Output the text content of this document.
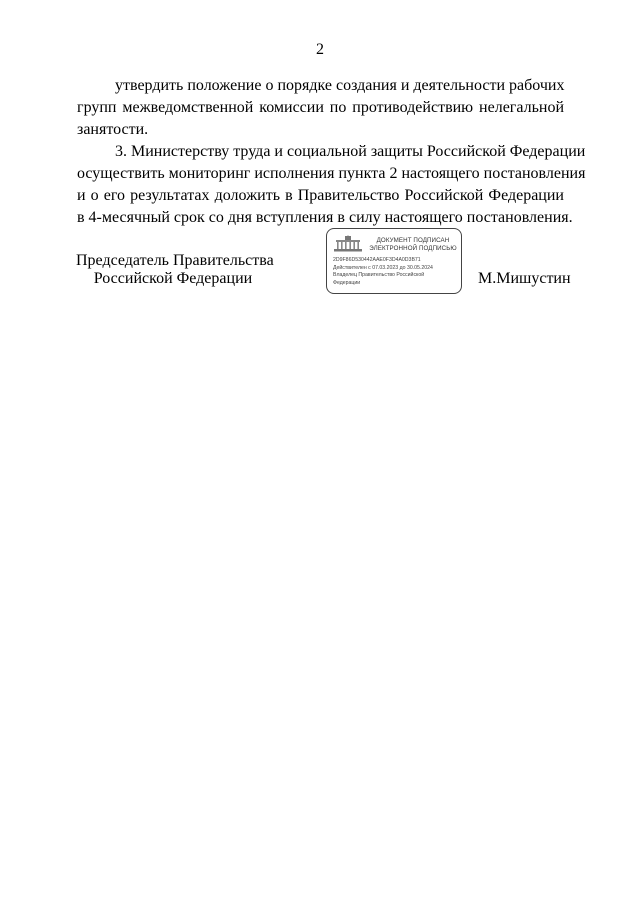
2
утвердить положение о порядке создания и деятельности рабочих
групп межведомственной комиссии по противодействию нелегальной
занятости.
3. Министерству труда и социальной защиты Российской Федерации
осуществить мониторинг исполнения пункта 2 настоящего постановления
и о его результатах доложить в Правительство Российской Федерации
в 4-месячный срок со дня вступления в силу настоящего постановления.
Председатель Правительства
Российской Федерации
ДОКУМЕНТ ПОДПИСАН
ЭЛЕКТРОННОЙ ПОДПИСЬЮ
2D9F86D530442AAE0F3D4A0D3B71
Действителен с 07.03.2023 до 30.05.2024
Владелец Правительство Российской
Федерации	М.Мишустин
